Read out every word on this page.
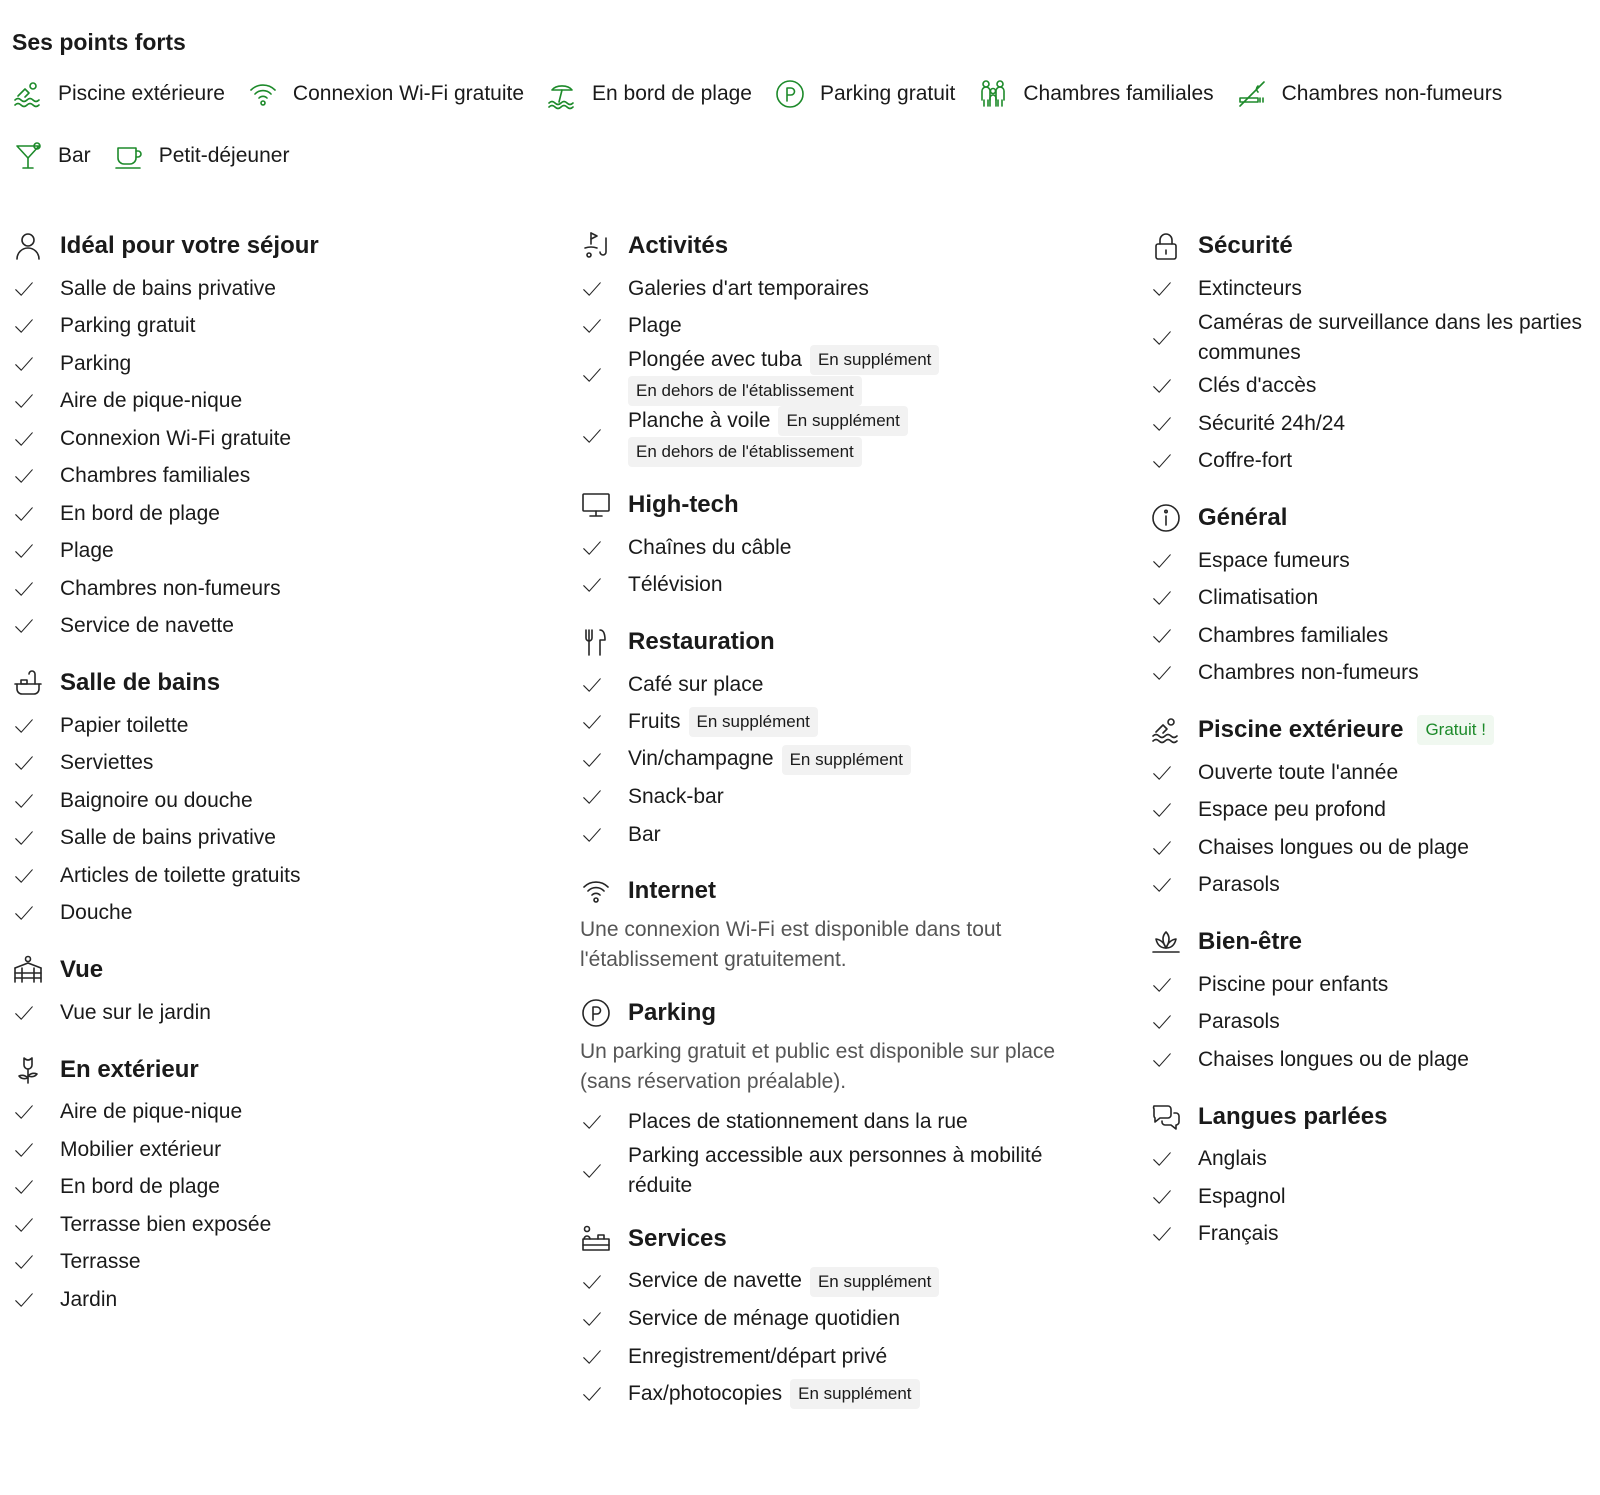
Ses points forts
Piscine extérieure	Connexion Wi-Fi gratuite	En bord de plage	Parking gratuit	Chambres familiales	Chambres non-fumeurs
Bar	Petit-déjeuner
Idéal pour votre séjour
Salle de bains privative
Parking gratuit
Parking
Aire de pique-nique
Connexion Wi-Fi gratuite
Chambres familiales
En bord de plage
Plage
Chambres non-fumeurs
Service de navette
Salle de bains
Papier toilette
Serviettes
Baignoire ou douche
Salle de bains privative
Articles de toilette gratuits
Douche
Vue
Vue sur le jardin
En extérieur
Aire de pique-nique
Mobilier extérieur
En bord de plage
Terrasse bien exposée
Terrasse
Jardin
Activités
Galeries d'art temporaires
Plage
Plongée avec tuba En supplémentEn dehors de l'établissement
Planche à voile En supplémentEn dehors de l'établissement
High-tech
Chaînes du câble
Télévision
Restauration
Café sur place
Fruits En supplément
Vin/champagne En supplément
Snack-bar
Bar
Internet

Une connexion Wi-Fi est disponible dans tout l'établissement gratuitement.

Parking

Un parking gratuit et public est disponible sur place (sans réservation préalable).

Places de stationnement dans la rue
Parking accessible aux personnes à mobilité réduite
Services
Service de navette En supplément
Service de ménage quotidien
Enregistrement/départ privé
Fax/photocopies En supplément
Sécurité
Extincteurs
Caméras de surveillance dans les parties communes
Clés d'accès
Sécurité 24h/24
Coffre-fort
Général
Espace fumeurs
Climatisation
Chambres familiales
Chambres non-fumeurs
Piscine extérieure	Gratuit !
Ouverte toute l'année
Espace peu profond
Chaises longues ou de plage
Parasols
Bien-être
Piscine pour enfants
Parasols
Chaises longues ou de plage
Langues parlées
Anglais
Espagnol
Français
